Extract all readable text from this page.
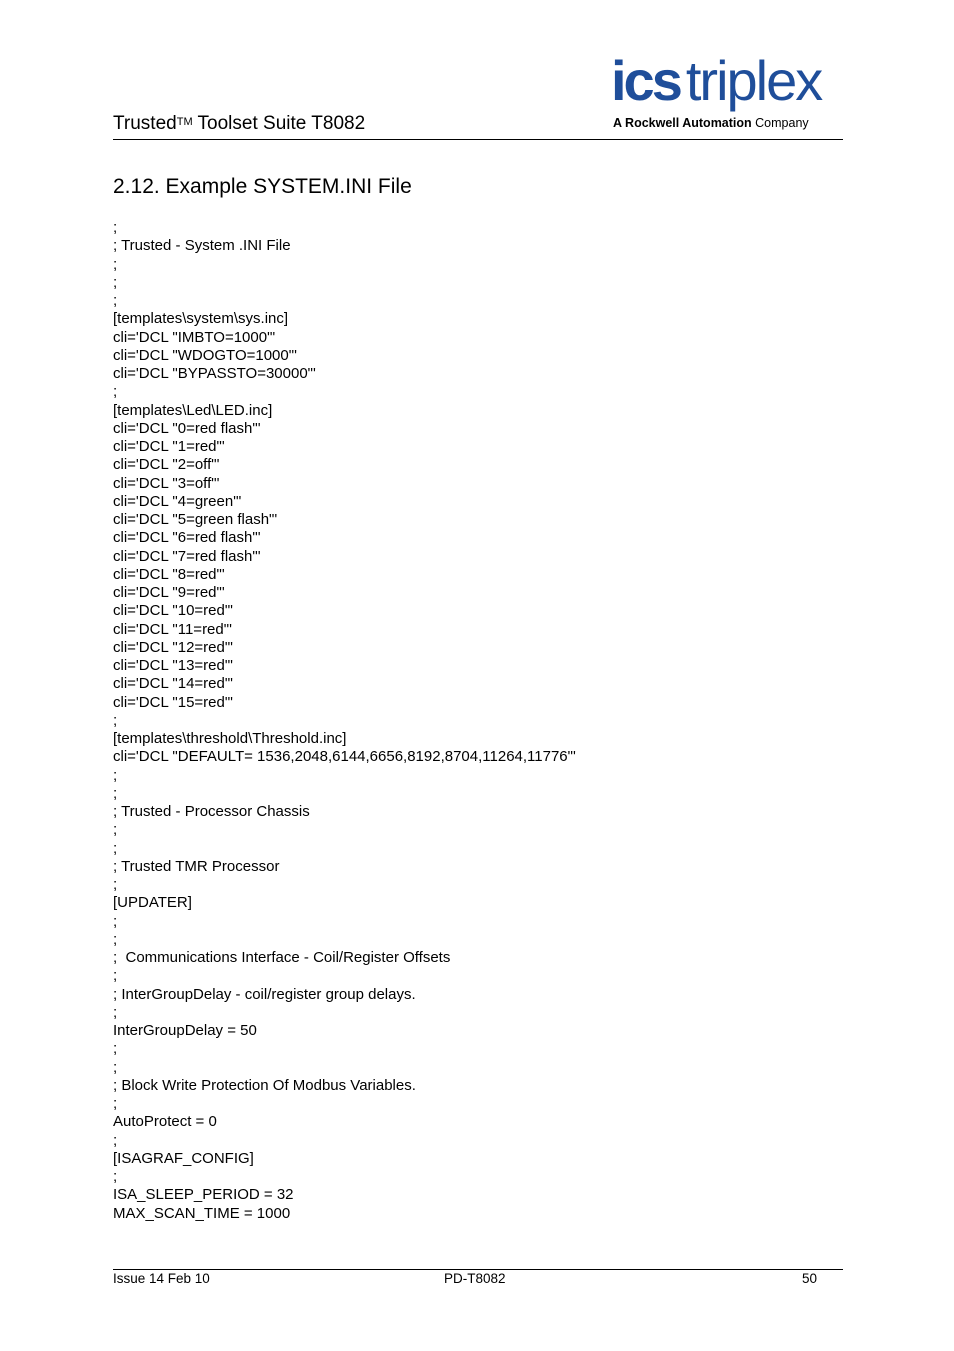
Trusted™ Toolset Suite T8082
ics triplex
A Rockwell Automation Company
2.12. Example SYSTEM.INI File
;
; Trusted - System .INI File
;
;
;
[templates\system\sys.inc]
cli='DCL "IMBTO=1000"'
cli='DCL "WDOGTO=1000"'
cli='DCL "BYPASSTO=30000"'
;
[templates\Led\LED.inc]
cli='DCL "0=red flash"'
cli='DCL "1=red"'
cli='DCL "2=off"'
cli='DCL "3=off"'
cli='DCL "4=green"'
cli='DCL "5=green flash"'
cli='DCL "6=red flash"'
cli='DCL "7=red flash"'
cli='DCL "8=red"'
cli='DCL "9=red"'
cli='DCL "10=red"'
cli='DCL "11=red"'
cli='DCL "12=red"'
cli='DCL "13=red"'
cli='DCL "14=red"'
cli='DCL "15=red"'
;
[templates\threshold\Threshold.inc]
cli='DCL "DEFAULT= 1536,2048,6144,6656,8192,8704,11264,11776"'
;
;
; Trusted - Processor Chassis
;
;
; Trusted TMR Processor
;
[UPDATER]
;
;
;  Communications Interface - Coil/Register Offsets
;
; InterGroupDelay - coil/register group delays.
;
InterGroupDelay = 50
;
;
; Block Write Protection Of Modbus Variables.
;
AutoProtect = 0
;
[ISAGRAF_CONFIG]
;
ISA_SLEEP_PERIOD = 32
MAX_SCAN_TIME = 1000
Issue 14 Feb 10	PD-T8082	50
